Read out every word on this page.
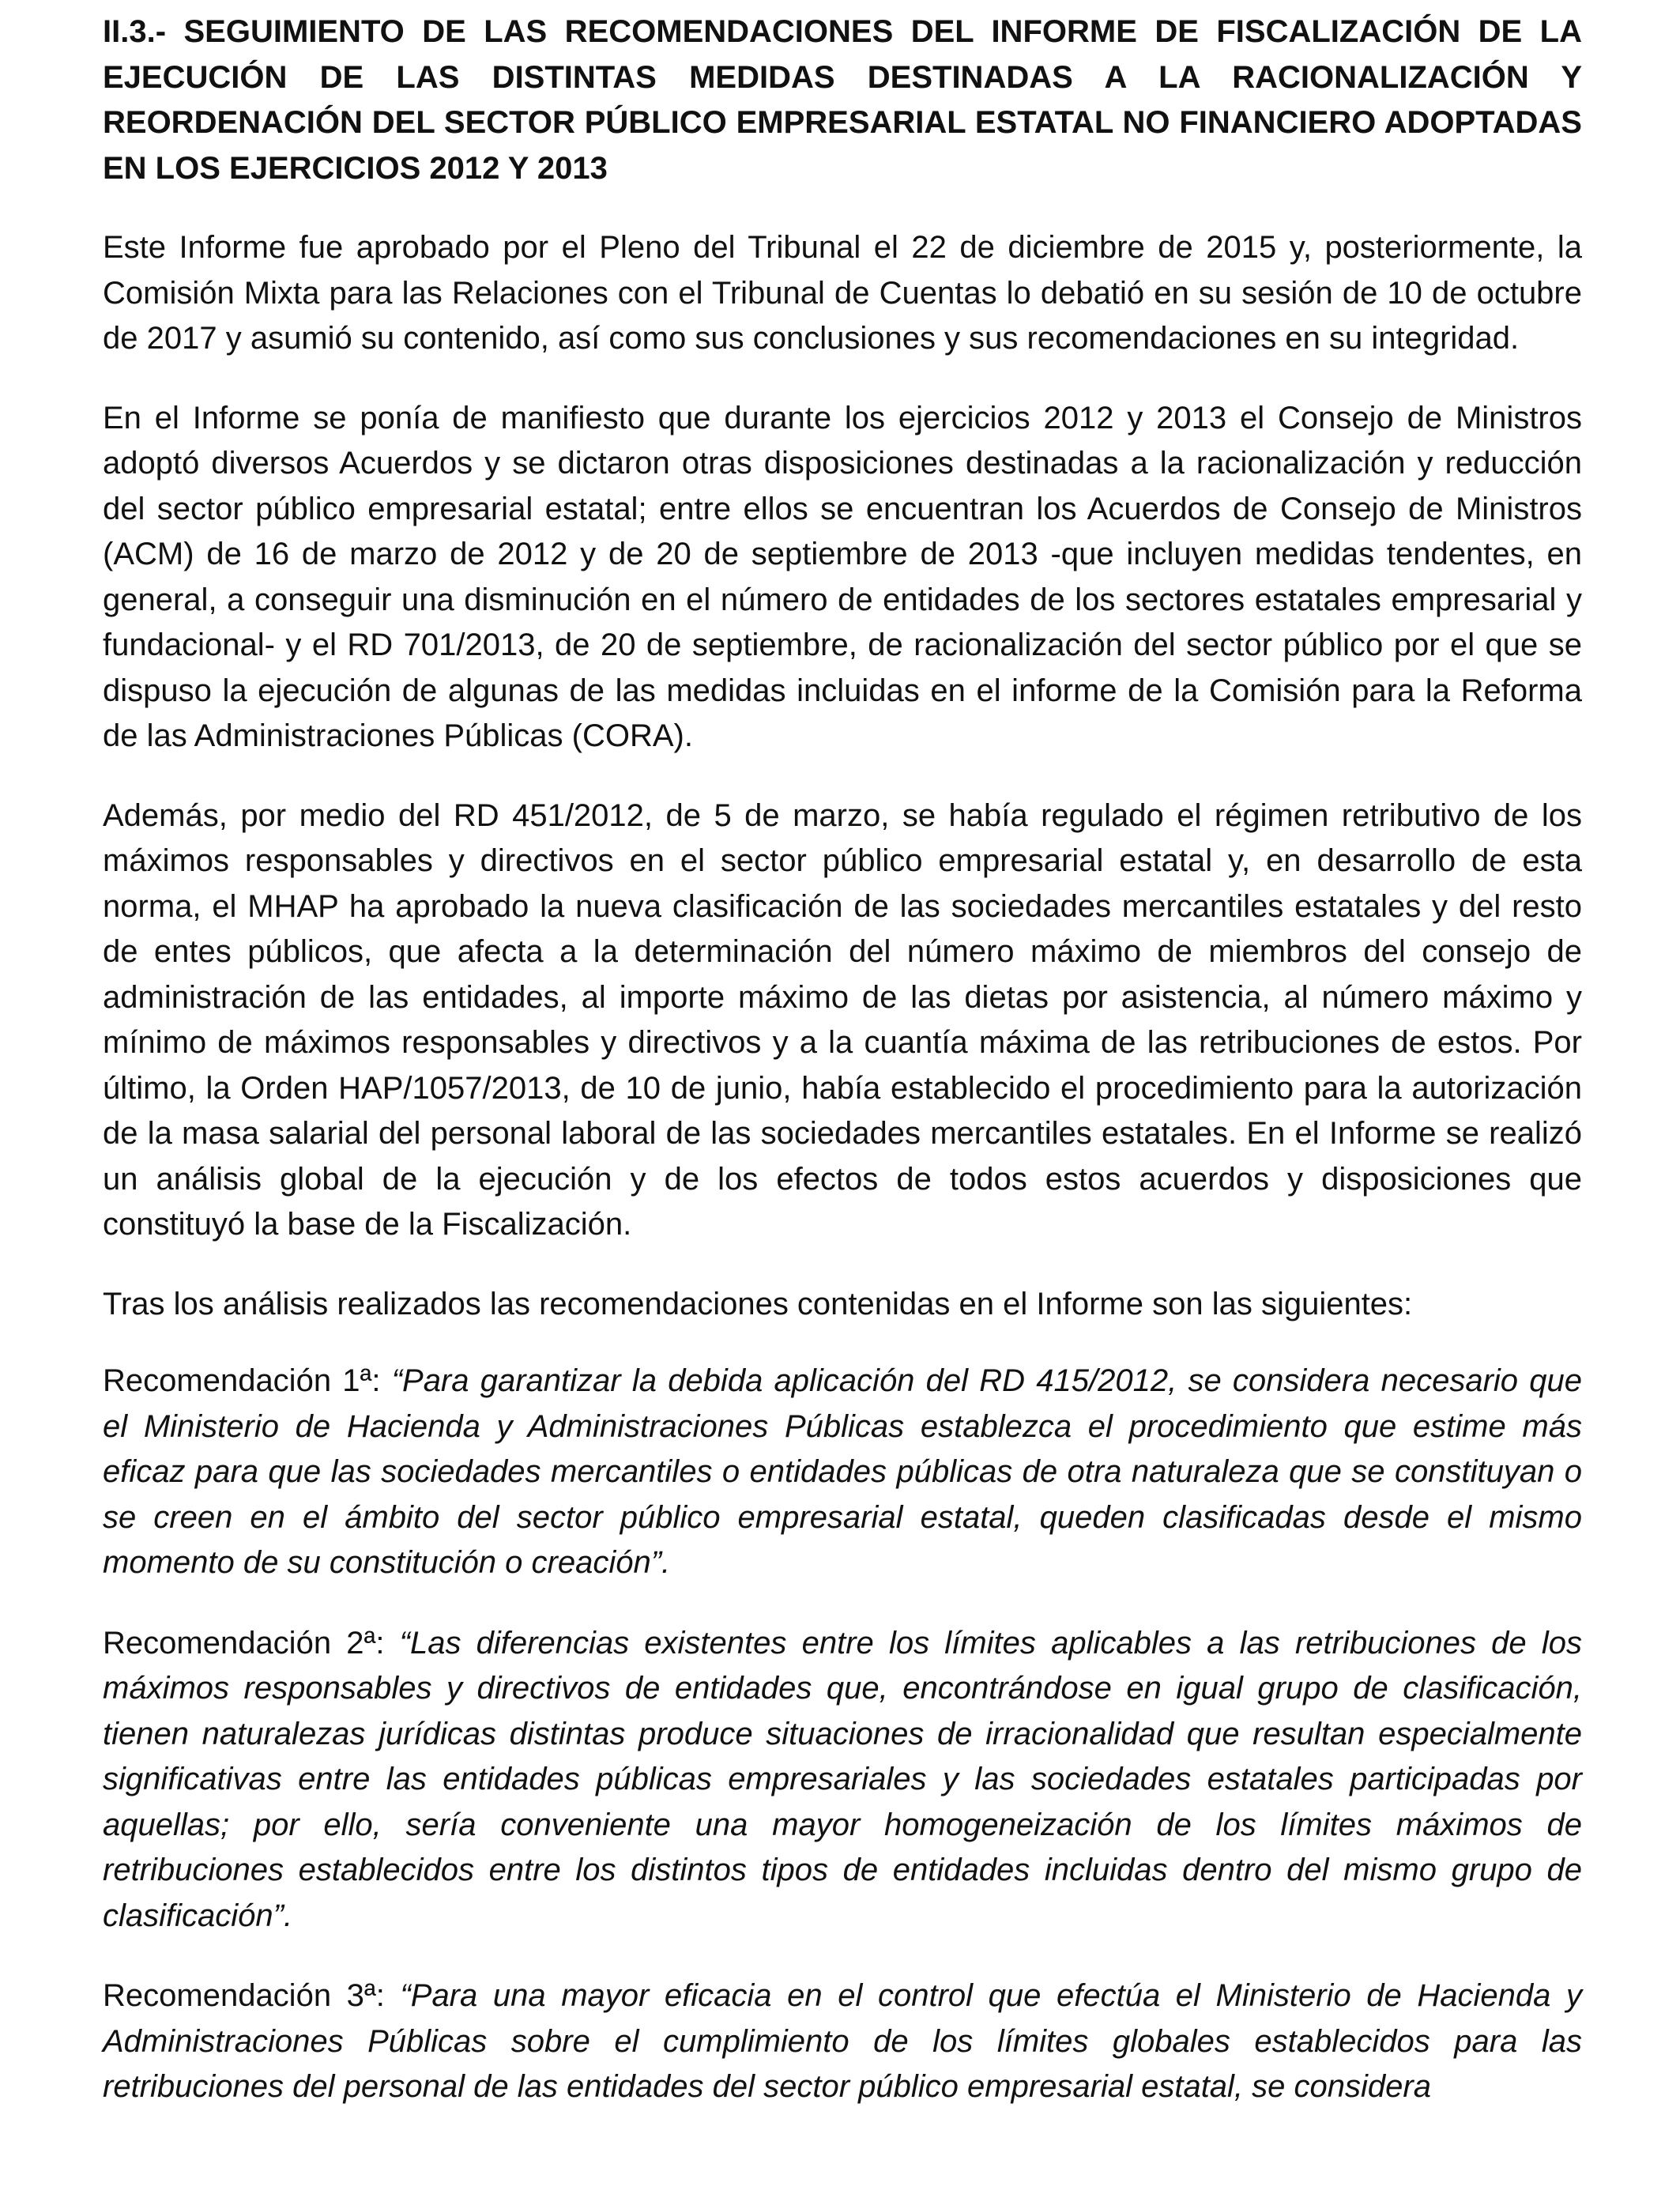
II.3.- SEGUIMIENTO DE LAS RECOMENDACIONES DEL INFORME DE FISCALIZACIÓN DE LA EJECUCIÓN DE LAS DISTINTAS MEDIDAS DESTINADAS A LA RACIONALIZACIÓN Y REORDENACIÓN DEL SECTOR PÚBLICO EMPRESARIAL ESTATAL NO FINANCIERO ADOPTADAS EN LOS EJERCICIOS 2012 Y 2013

Este Informe fue aprobado por el Pleno del Tribunal el 22 de diciembre de 2015 y, posteriormente, la Comisión Mixta para las Relaciones con el Tribunal de Cuentas lo debatió en su sesión de 10 de octubre de 2017 y asumió su contenido, así como sus conclusiones y sus recomendaciones en su integridad.

En el Informe se ponía de manifiesto que durante los ejercicios 2012 y 2013 el Consejo de Ministros adoptó diversos Acuerdos y se dictaron otras disposiciones destinadas a la racionalización y reducción del sector público empresarial estatal; entre ellos se encuentran los Acuerdos de Consejo de Ministros (ACM) de 16 de marzo de 2012 y de 20 de septiembre de 2013 -que incluyen medidas tendentes, en general, a conseguir una disminución en el número de entidades de los sectores estatales empresarial y fundacional- y el RD 701/2013, de 20 de septiembre, de racionalización del sector público por el que se dispuso la ejecución de algunas de las medidas incluidas en el informe de la Comisión para la Reforma de las Administraciones Públicas (CORA).

Además, por medio del RD 451/2012, de 5 de marzo, se había regulado el régimen retributivo de los máximos responsables y directivos en el sector público empresarial estatal y, en desarrollo de esta norma, el MHAP ha aprobado la nueva clasificación de las sociedades mercantiles estatales y del resto de entes públicos, que afecta a la determinación del número máximo de miembros del consejo de administración de las entidades, al importe máximo de las dietas por asistencia, al número máximo y mínimo de máximos responsables y directivos y a la cuantía máxima de las retribuciones de estos. Por último, la Orden HAP/1057/2013, de 10 de junio, había establecido el procedimiento para la autorización de la masa salarial del personal laboral de las sociedades mercantiles estatales. En el Informe se realizó un análisis global de la ejecución y de los efectos de todos estos acuerdos y disposiciones que constituyó la base de la Fiscalización.

Tras los análisis realizados las recomendaciones contenidas en el Informe son las siguientes:

Recomendación 1ª: “Para garantizar la debida aplicación del RD 415/2012, se considera necesario que el Ministerio de Hacienda y Administraciones Públicas establezca el procedimiento que estime más eficaz para que las sociedades mercantiles o entidades públicas de otra naturaleza que se constituyan o se creen en el ámbito del sector público empresarial estatal, queden clasificadas desde el mismo momento de su constitución o creación”.

Recomendación 2ª: “Las diferencias existentes entre los límites aplicables a las retribuciones de los máximos responsables y directivos de entidades que, encontrándose en igual grupo de clasificación, tienen naturalezas jurídicas distintas produce situaciones de irracionalidad que resultan especialmente significativas entre las entidades públicas empresariales y las sociedades estatales participadas por aquellas; por ello, sería conveniente una mayor homogeneización de los límites máximos de retribuciones establecidos entre los distintos tipos de entidades incluidas dentro del mismo grupo de clasificación”.

Recomendación 3ª: “Para una mayor eficacia en el control que efectúa el Ministerio de Hacienda y Administraciones Públicas sobre el cumplimiento de los límites globales establecidos para las retribuciones del personal de las entidades del sector público empresarial estatal, se considera
